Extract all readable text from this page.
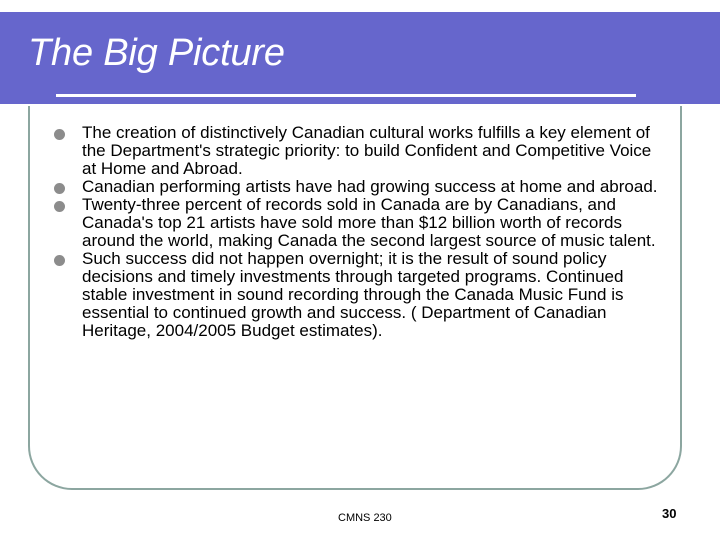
The Big Picture
The creation of distinctively Canadian cultural works fulfills a key element of the Department's strategic priority: to build Confident and Competitive Voice at Home and Abroad.
Canadian performing artists have had growing success at home and abroad.
Twenty-three percent of records sold in Canada are by Canadians, and Canada's top 21 artists have sold more than $12 billion worth of records around the world, making Canada the second largest source of music talent.
Such success did not happen overnight; it is the result of sound policy decisions and timely investments through targeted programs. Continued stable investment in sound recording through the Canada Music Fund is essential to continued growth and success. ( Department of Canadian Heritage, 2004/2005 Budget estimates).
CMNS 230	30
